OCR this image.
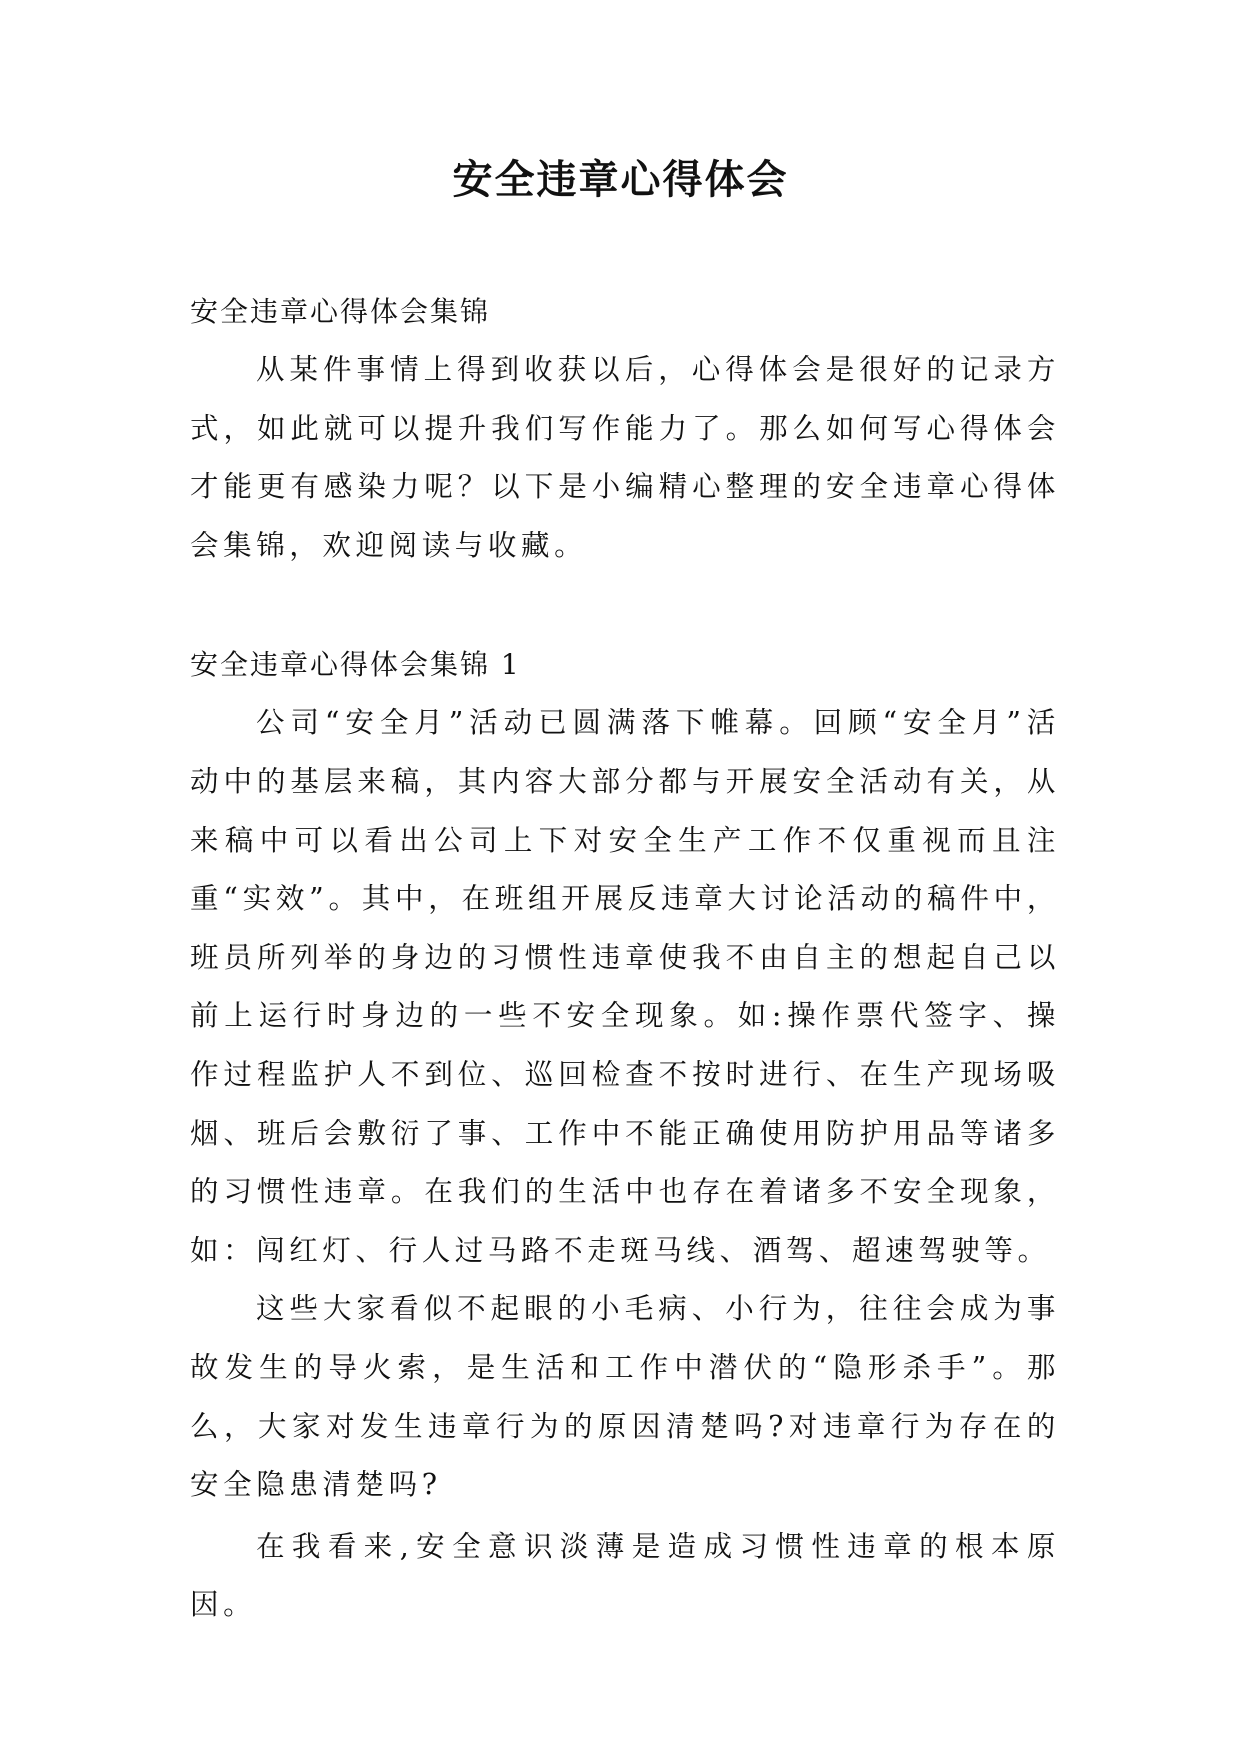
安全违章心得体会

安全违章心得体会集锦

从某件事情上得到收获以后，心得体会是很好的记录方式，如此就可以提升我们写作能力了。那么如何写心得体会才能更有感染力呢？以下是小编精心整理的安全违章心得体会集锦，欢迎阅读与收藏。

安全违章心得体会集锦 1

公司“安全月”活动已圆满落下帷幕。回顾“安全月”活动中的基层来稿，其内容大部分都与开展安全活动有关，从来稿中可以看出公司上下对安全生产工作不仅重视而且注重“实效”。其中，在班组开展反违章大讨论活动的稿件中，班员所列举的身边的习惯性违章使我不由自主的想起自己以前上运行时身边的一些不安全现象。如:操作票代签字、操作过程监护人不到位、巡回检查不按时进行、在生产现场吸烟、班后会敷衍了事、工作中不能正确使用防护用品等诸多的习惯性违章。在我们的生活中也存在着诸多不安全现象，如：闯红灯、行人过马路不走斑马线、酒驾、超速驾驶等。

这些大家看似不起眼的小毛病、小行为，往往会成为事故发生的导火索，是生活和工作中潜伏的“隐形杀手”。那么，大家对发生违章行为的原因清楚吗?对违章行为存在的安全隐患清楚吗?

在我看来,安全意识淡薄是造成习惯性违章的根本原因。
